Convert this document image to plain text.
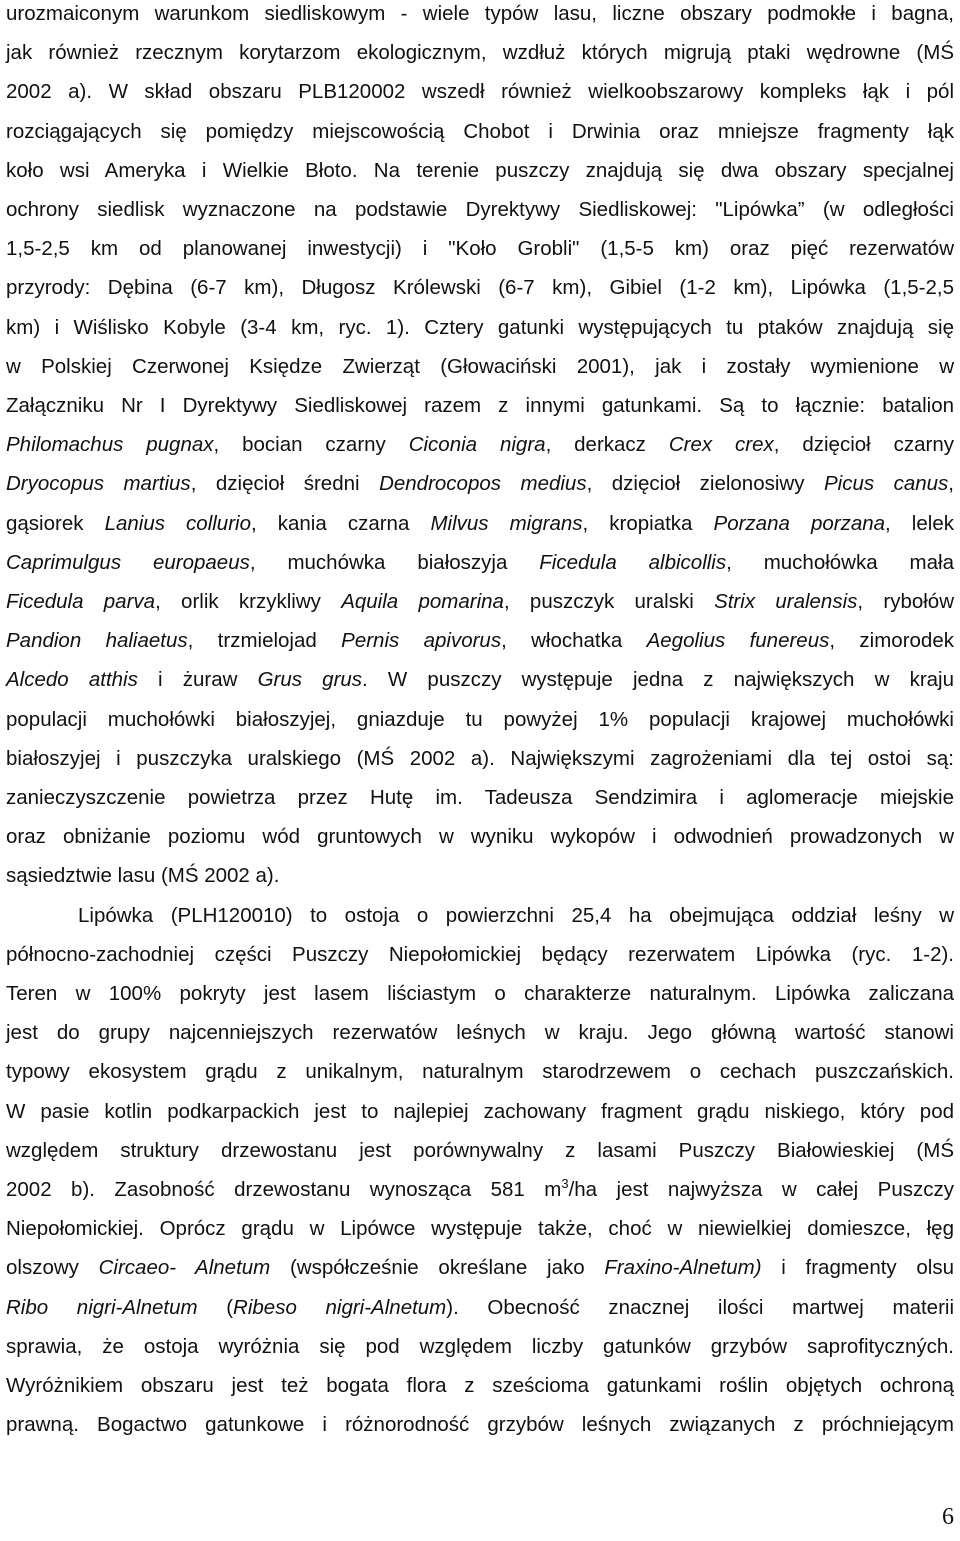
urozmaiconym warunkom siedliskowym - wiele typów lasu, liczne obszary podmokłe i bagna,
jak również rzecznym korytarzom ekologicznym, wzdłuż których migrują ptaki wędrowne (MŚ
2002 a). W skład obszaru PLB120002 wszedł również wielkoobszarowy kompleks łąk i pól
rozciągających się pomiędzy miejscowością Chobot i Drwinia oraz mniejsze fragmenty łąk
koło wsi Ameryka i Wielkie Błoto. Na terenie puszczy znajdują się dwa obszary specjalnej
ochrony siedlisk wyznaczone na podstawie Dyrektywy Siedliskowej: "Lipówka” (w odległości
1,5-2,5 km od planowanej inwestycji) i "Koło Grobli" (1,5-5 km) oraz pięć rezerwatów
przyrody: Dębina (6-7 km), Długosz Królewski (6-7 km), Gibiel (1-2 km), Lipówka (1,5-2,5
km) i Wiślisko Kobyle (3-4 km, ryc. 1). Cztery gatunki występujących tu ptaków znajdują się
w Polskiej Czerwonej Księdze Zwierząt (Głowaciński 2001), jak i zostały wymienione w
Załączniku Nr I Dyrektywy Siedliskowej razem z innymi gatunkami. Są to łącznie: batalion
Philomachus pugnax, bocian czarny Ciconia nigra, derkacz Crex crex, dzięcioł czarny
Dryocopus martius, dzięcioł średni Dendrocopos medius, dzięcioł zielonosiwy Picus canus,
gąsiorek Lanius collurio, kania czarna Milvus migrans, kropiatka Porzana porzana, lelek
Caprimulgus europaeus, muchówka białoszyja Ficedula albicollis, muchołówka mała
Ficedula parva, orlik krzykliwy Aquila pomarina, puszczyk uralski Strix uralensis, rybołów
Pandion haliaetus, trzmielojad Pernis apivorus, włochatka Aegolius funereus, zimorodek
Alcedo atthis i żuraw Grus grus. W puszczy występuje jedna z największych w kraju
populacji muchołówki białoszyjej, gniazduje tu powyżej 1% populacji krajowej muchołówki
białoszyjej i puszczyka uralskiego (MŚ 2002 a). Największymi zagrożeniami dla tej ostoi są:
zanieczyszczenie powietrza przez Hutę im. Tadeusza Sendzimira i aglomeracje miejskie
oraz obniżanie poziomu wód gruntowych w wyniku wykopów i odwodnień prowadzonych w
sąsiedztwie lasu (MŚ 2002 a).
Lipówka (PLH120010) to ostoja o powierzchni 25,4 ha obejmująca oddział leśny w
północno-zachodniej części Puszczy Niepołomickiej będący rezerwatem Lipówka (ryc. 1-2).
Teren w 100% pokryty jest lasem liściastym o charakterze naturalnym. Lipówka zaliczana
jest do grupy najcenniejszych rezerwatów leśnych w kraju. Jego główną wartość stanowi
typowy ekosystem grądu z unikalnym, naturalnym starodrzewem o cechach puszczańskich.
W pasie kotlin podkarpackich jest to najlepiej zachowany fragment grądu niskiego, który pod
względem struktury drzewostanu jest porównywalny z lasami Puszczy Białowieskiej (MŚ
2002 b). Zasobność drzewostanu wynosząca 581 $m^3/ha$ jest najwyższa w całej Puszczy
Niepołomickiej. Oprócz grądu w Lipówce występuje także, choć w niewielkiej domieszce, łęg
olszowy Circaeo- Alnetum (współcześnie określane jako Fraxino-Alnetum) i fragmenty olsu
Ribo nigri-Alnetum (Ribeso nigri-Alnetum). Obecność znacznej ilości martwej materii
sprawia, że ostoja wyróżnia się pod względem liczby gatunków grzybów saprofityczných.
Wyróżnikiem obszaru jest też bogata flora z sześcioma gatunkami roślin objętych ochroną
prawną. Bogactwo gatunkowe i różnorodność grzybów leśnych związanych z próchniejącym
6
